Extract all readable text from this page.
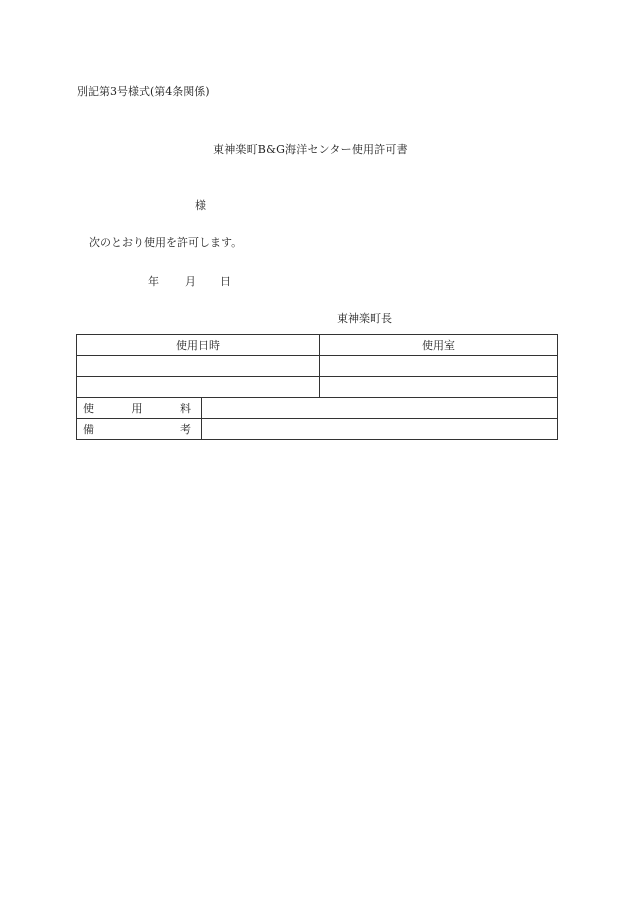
別記第3号様式(第4条関係)
東神楽町B&G海洋センター使用許可書
様
次のとおり使用を許可します。
年 月 日
東神楽町長
使用日時		使用室

使 用 料		

備 考		
